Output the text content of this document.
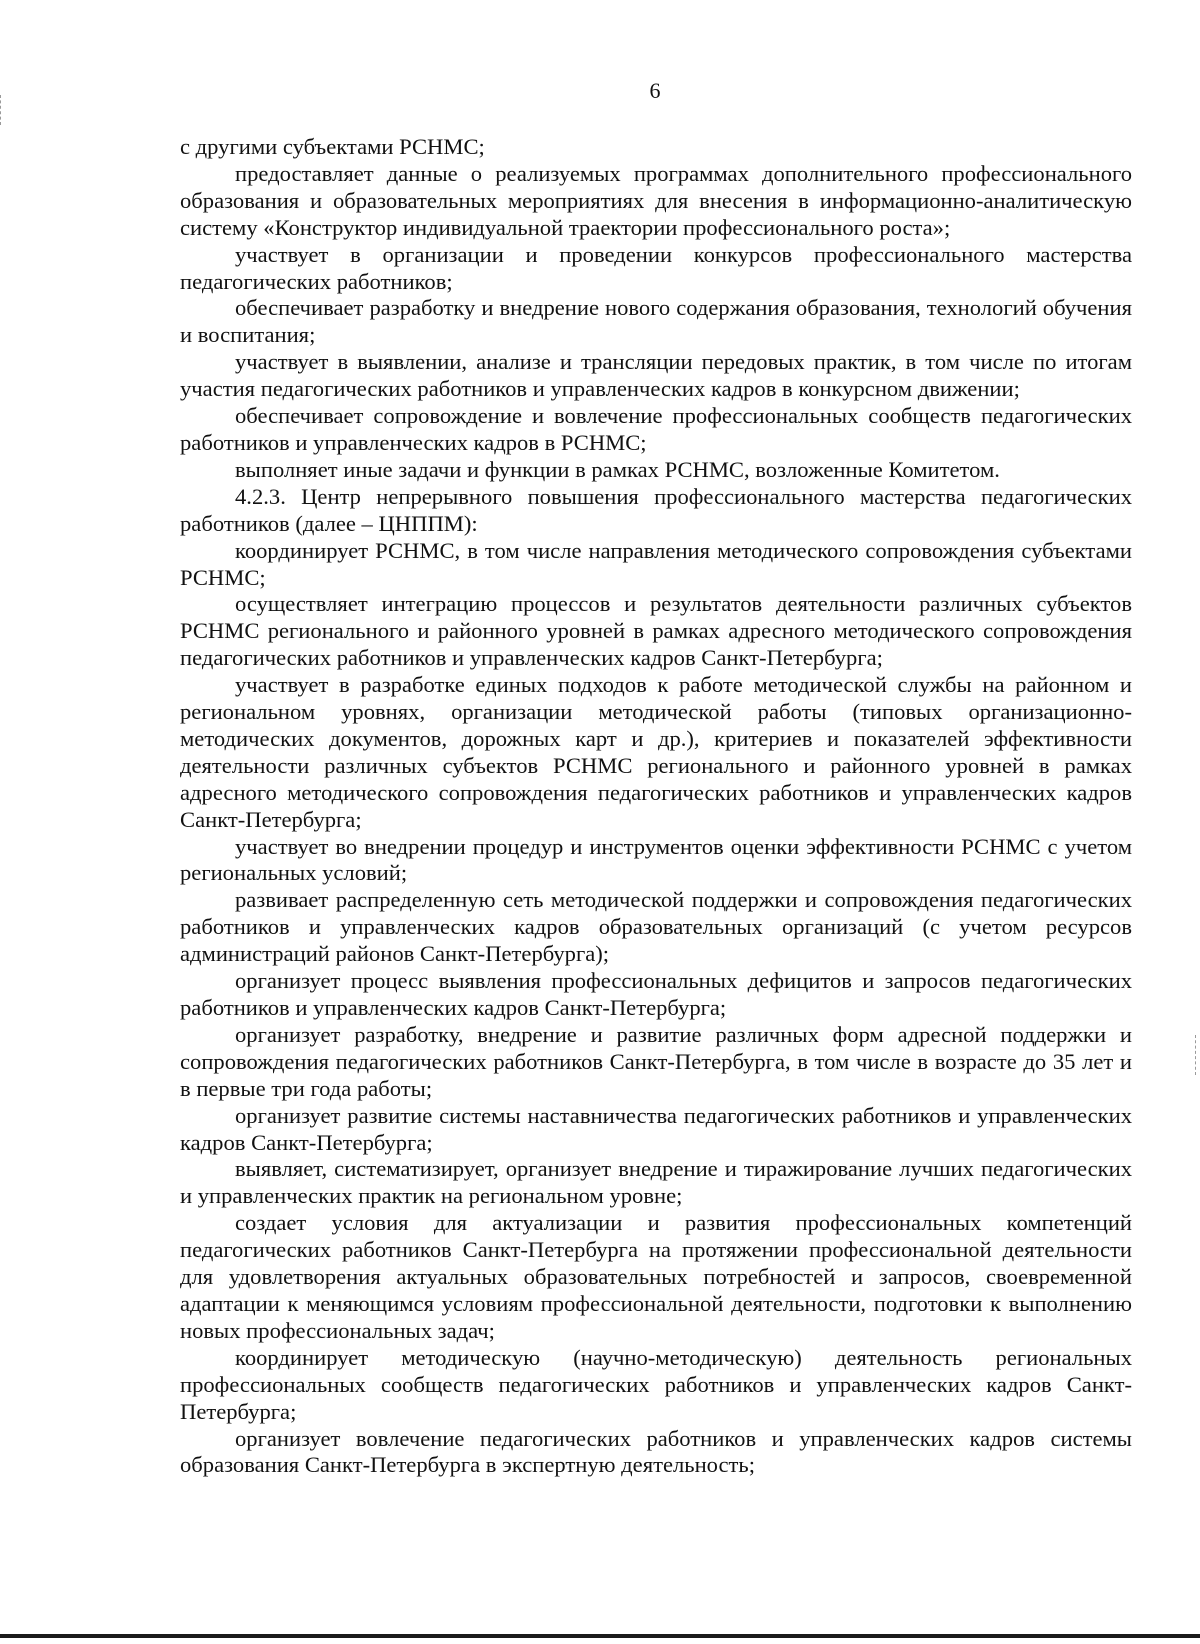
6

с другими субъектами РСНМС;

предоставляет данные о реализуемых программах дополнительного профессионального образования и образовательных мероприятиях для внесения в информационно-аналитическую систему «Конструктор индивидуальной траектории профессионального роста»;

участвует в организации и проведении конкурсов профессионального мастерства педагогических работников;

обеспечивает разработку и внедрение нового содержания образования, технологий обучения и воспитания;

участвует в выявлении, анализе и трансляции передовых практик, в том числе по итогам участия педагогических работников и управленческих кадров в конкурсном движении;

обеспечивает сопровождение и вовлечение профессиональных сообществ педагогических работников и управленческих кадров в РСНМС;

выполняет иные задачи и функции в рамках РСНМС, возложенные Комитетом.

4.2.3. Центр непрерывного повышения профессионального мастерства педагогических работников (далее – ЦНППМ):

координирует РСНМС, в том числе направления методического сопровождения субъектами РСНМС;

осуществляет интеграцию процессов и результатов деятельности различных субъектов РСНМС регионального и районного уровней в рамках адресного методического сопровождения педагогических работников и управленческих кадров Санкт-Петербурга;

участвует в разработке единых подходов к работе методической службы на районном и региональном уровнях, организации методической работы (типовых организационно-методических документов, дорожных карт и др.), критериев и показателей эффективности деятельности различных субъектов РСНМС регионального и районного уровней в рамках адресного методического сопровождения педагогических работников и управленческих кадров Санкт-Петербурга;

участвует во внедрении процедур и инструментов оценки эффективности РСНМС с учетом региональных условий;

развивает распределенную сеть методической поддержки и сопровождения педагогических работников и управленческих кадров образовательных организаций (с учетом ресурсов администраций районов Санкт-Петербурга);

организует процесс выявления профессиональных дефицитов и запросов педагогических работников и управленческих кадров Санкт-Петербурга;

организует разработку, внедрение и развитие различных форм адресной поддержки и сопровождения педагогических работников Санкт-Петербурга, в том числе в возрасте до 35 лет и в первые три года работы;

организует развитие системы наставничества педагогических работников и управленческих кадров Санкт-Петербурга;

выявляет, систематизирует, организует внедрение и тиражирование лучших педагогических и управленческих практик на региональном уровне;

создает условия для актуализации и развития профессиональных компетенций педагогических работников Санкт-Петербурга на протяжении профессиональной деятельности для удовлетворения актуальных образовательных потребностей и запросов, своевременной адаптации к меняющимся условиям профессиональной деятельности, подготовки к выполнению новых профессиональных задач;

координирует методическую (научно-методическую) деятельность региональных профессиональных сообществ педагогических работников и управленческих кадров Санкт-Петербурга;

организует вовлечение педагогических работников и управленческих кадров системы образования Санкт-Петербурга в экспертную деятельность;
